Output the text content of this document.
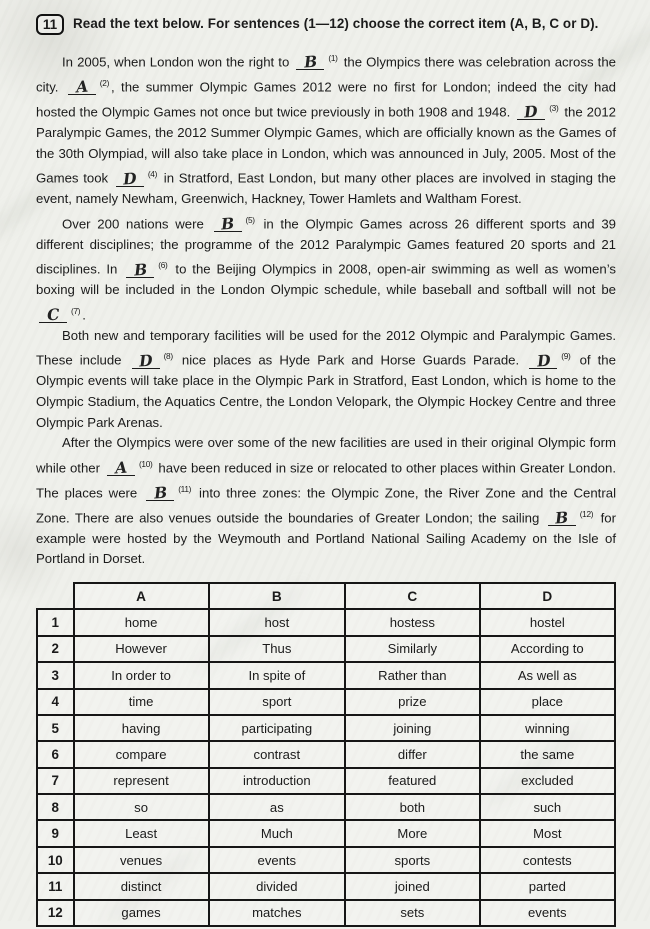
11	Read the text below. For sentences (1—12) choose the correct item (A, B, C or D).

In 2005, when London won the right to B $^{(1)}$ the Olympics there was celebration across the city. A $^{(2)}$ , the summer Olympic Games 2012 were no first for London; indeed the city had hosted the Olympic Games not once but twice previously in both 1908 and 1948. D $^{(3)}$ the 2012 Paralympic Games, the 2012 Summer Olympic Games, which are officially known as the Games of the 30th Olympiad, will also take place in London, which was announced in July, 2005. Most of the Games took D $^{(4)}$ in Stratford, East London, but many other places are involved in staging the event, namely Newham, Greenwich, Hackney, Tower Hamlets and Waltham Forest.

Over 200 nations were B $^{(5)}$ in the Olympic Games across 26 different sports and 39 different disciplines; the programme of the 2012 Paralympic Games featured 20 sports and 21 disciplines. In B $^{(6)}$ to the Beijing Olympics in 2008, open-air swimming as well as women’s boxing will be included in the London Olympic schedule, while baseball and softball will not be C $^{(7)}$ .

Both new and temporary facilities will be used for the 2012 Olympic and Paralympic Games. These include D $^{(8)}$ nice places as Hyde Park and Horse Guards Parade. D $^{(9)}$ of the Olympic events will take place in the Olympic Park in Stratford, East London, which is home to the Olympic Stadium, the Aquatics Centre, the London Velopark, the Olympic Hockey Centre and three Olympic Park Arenas.

After the Olympics were over some of the new facilities are used in their original Olympic form while other A $^{(10)}$ have been reduced in size or relocated to other places within Greater London. The places were B $^{(11)}$ into three zones: the Olympic Zone, the River Zone and the Central Zone. There are also venues outside the boundaries of Greater London; the sailing B $^{(12)}$ for example were hosted by the Weymouth and Portland National Sailing Academy on the Isle of Portland in Dorset.

	A	B	C	D
1	home	host	hostess	hostel
2	However	Thus	Similarly	According to
3	In order to	In spite of	Rather than	As well as
4	time	sport	prize	place
5	having	participating	joining	winning
6	compare	contrast	differ	the same
7	represent	introduction	featured	excluded
8	so	as	both	such
9	Least	Much	More	Most
10	venues	events	sports	contests
11	distinct	divided	joined	parted
12	games	matches	sets	events
